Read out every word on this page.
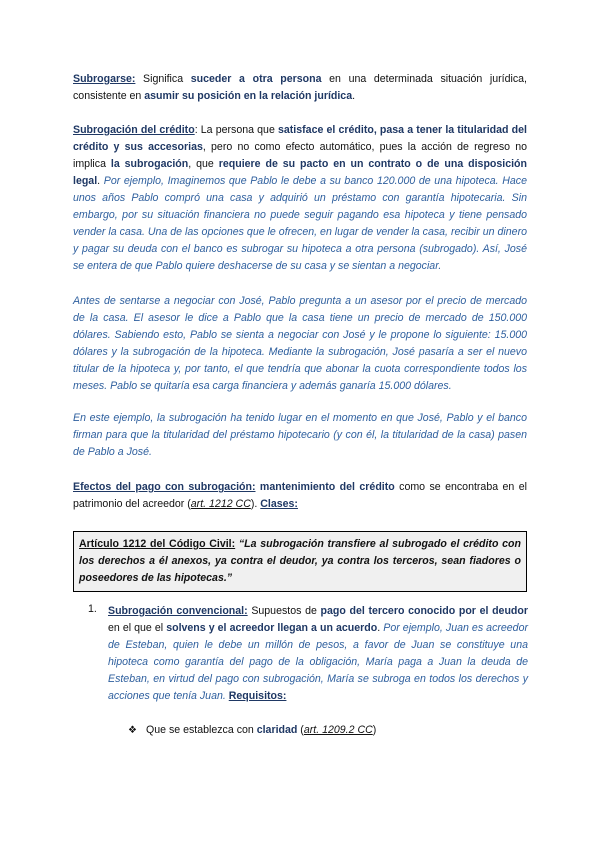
Subrogarse: Significa suceder a otra persona en una determinada situación jurídica, consistente en asumir su posición en la relación jurídica.

Subrogación del crédito: La persona que satisface el crédito, pasa a tener la titularidad del crédito y sus accesorias, pero no como efecto automático, pues la acción de regreso no implica la subrogación, que requiere de su pacto en un contrato o de una disposición legal. Por ejemplo, Imaginemos que Pablo le debe a su banco 120.000 de una hipoteca. Hace unos años Pablo compró una casa y adquirió un préstamo con garantía hipotecaria. Sin embargo, por su situación financiera no puede seguir pagando esa hipoteca y tiene pensado vender la casa. Una de las opciones que le ofrecen, en lugar de vender la casa, recibir un dinero y pagar su deuda con el banco es subrogar su hipoteca a otra persona (subrogado). Así, José se entera de que Pablo quiere deshacerse de su casa y se sientan a negociar.

Antes de sentarse a negociar con José, Pablo pregunta a un asesor por el precio de mercado de la casa. El asesor le dice a Pablo que la casa tiene un precio de mercado de 150.000 dólares. Sabiendo esto, Pablo se sienta a negociar con José y le propone lo siguiente: 15.000 dólares y la subrogación de la hipoteca. Mediante la subrogación, José pasaría a ser el nuevo titular de la hipoteca y, por tanto, el que tendría que abonar la cuota correspondiente todos los meses. Pablo se quitaría esa carga financiera y además ganaría 15.000 dólares.

En este ejemplo, la subrogación ha tenido lugar en el momento en que José, Pablo y el banco firman para que la titularidad del préstamo hipotecario (y con él, la titularidad de la casa) pasen de Pablo a José.

Efectos del pago con subrogación: mantenimiento del crédito como se encontraba en el patrimonio del acreedor (art. 1212 CC). Clases:

Artículo 1212 del Código Civil: “La subrogación transfiere al subrogado el crédito con los derechos a él anexos, ya contra el deudor, ya contra los terceros, sean fiadores o poseedores de las hipotecas.”
1. Subrogación convencional: Supuestos de pago del tercero conocido por el deudor en el que el solvens y el acreedor llegan a un acuerdo. Por ejemplo, Juan es acreedor de Esteban, quien le debe un millón de pesos, a favor de Juan se constituye una hipoteca como garantía del pago de la obligación, María paga a Juan la deuda de Esteban, en virtud del pago con subrogación, María se subroga en todos los derechos y acciones que tenía Juan. Requisitos:

❖ Que se establezca con claridad (art. 1209.2 CC)
